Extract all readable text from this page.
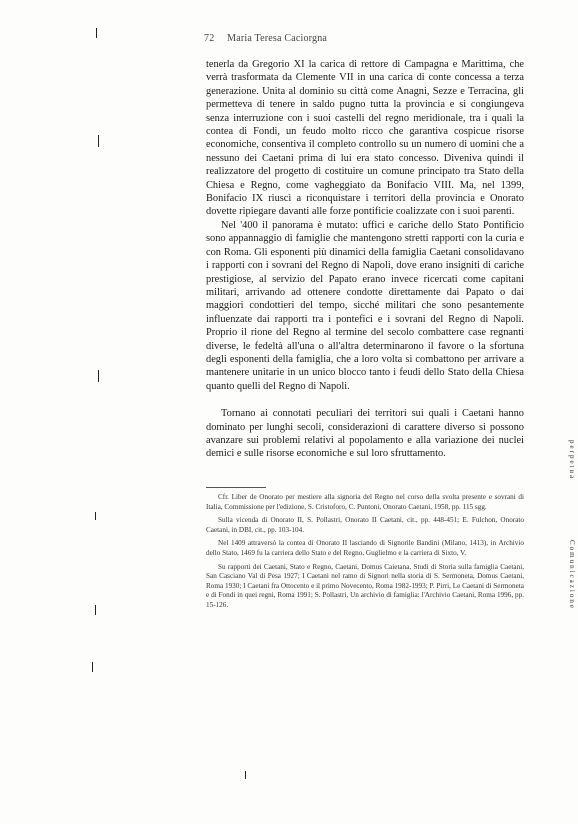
72 Maria Teresa Caciorgna

tenerla da Gregorio XI la carica di rettore di Campagna e Marittima, che verrà trasformata da Clemente VII in una carica di conte concessa a terza generazione. Unita al dominio su città come Anagni, Sezze e Terracina, gli permetteva di tenere in saldo pugno tutta la provincia e si congiungeva senza interruzione con i suoi castelli del regno meridionale, tra i quali la contea di Fondi, un feudo molto ricco che garantiva cospicue risorse economiche, consentiva il completo controllo su un numero di uomini che a nessuno dei Caetani prima di lui era stato concesso. Diveniva quindi il realizzatore del progetto di costituire un comune principato tra Stato della Chiesa e Regno, come vagheggiato da Bonifacio VIII. Ma, nel 1399, Bonifacio IX riuscì a riconquistare i territori della provincia e Onorato dovette ripiegare davanti alle forze pontificie coalizzate con i suoi parenti.

Nel '400 il panorama è mutato: uffici e cariche dello Stato Pontificio sono appannaggio di famiglie che mantengono stretti rapporti con la curia e con Roma. Gli esponenti più dinamici della famiglia Caetani consolidavano i rapporti con i sovrani del Regno di Napoli, dove erano insigniti di cariche prestigiose, al servizio del Papato erano invece ricercati come capitani militari, arrivando ad ottenere condotte direttamente dai Papato o dai maggiori condottieri del tempo, sicché militari che sono pesantemente influenzate dai rapporti tra i pontefici e i sovrani del Regno di Napoli. Proprio il rione del Regno al termine del secolo combattere case regnanti diverse, le fedeltà all'una o all'altra determinarono il favore o la sfortuna degli esponenti della famiglia, che a loro volta si combattono per arrivare a mantenere unitarie in un unico blocco tanto i feudi dello Stato della Chiesa quanto quelli del Regno di Napoli.

Tornano ai connotati peculiari dei territori sui quali i Caetani hanno dominato per lunghi secoli, considerazioni di carattere diverso si possono avanzare sui problemi relativi al popolamento e alla variazione dei nuclei demici e sulle risorse economiche e sul loro sfruttamento.

Cfr. Liber de Onorato per mestiere alla signoria del Regno nel corso della svolta presente e sovrani di Italia, Commissione per l'edizione, S. Cristoforo, C. Puntoni, Onorato Caetani, 1958, pp. 115 sgg.

Sulla vicenda di Onorato II, S. Pollastri, Onorato II Caetani, cit., pp. 448-451; E. Fulchon, Onorato Caetani, in DBI, cit., pp. 103-104.

Nel 1409 attraversò la contea di Onorato II lasciando di Signorile Bandini (Milano, 1413), in Archivio dello Stato, 1469 fu la carriera dello Stato e del Regno, Guglielmo e la carriera di Sixto, V.

Su rapporti dei Caetani, Stato e Regno, Caetani, Domus Caietana, Studi di Storia sulla famiglia Caetani, San Casciano Val di Pesa 1927; I Caetani nel ramo di Signori nella storia di S. Sermoneta, Domus Caetani, Roma 1930; I Caetani fra Ottocento e il primo Novecento, Roma 1982-1993; P. Pirri, Le Caetani di Sermoneta e di Fondi in quei regni, Roma 1991; S. Pollastri, Un archivio di famiglia: l'Archivio Caetani, Roma 1996, pp. 15-126.

perpetua
Comunicazione
